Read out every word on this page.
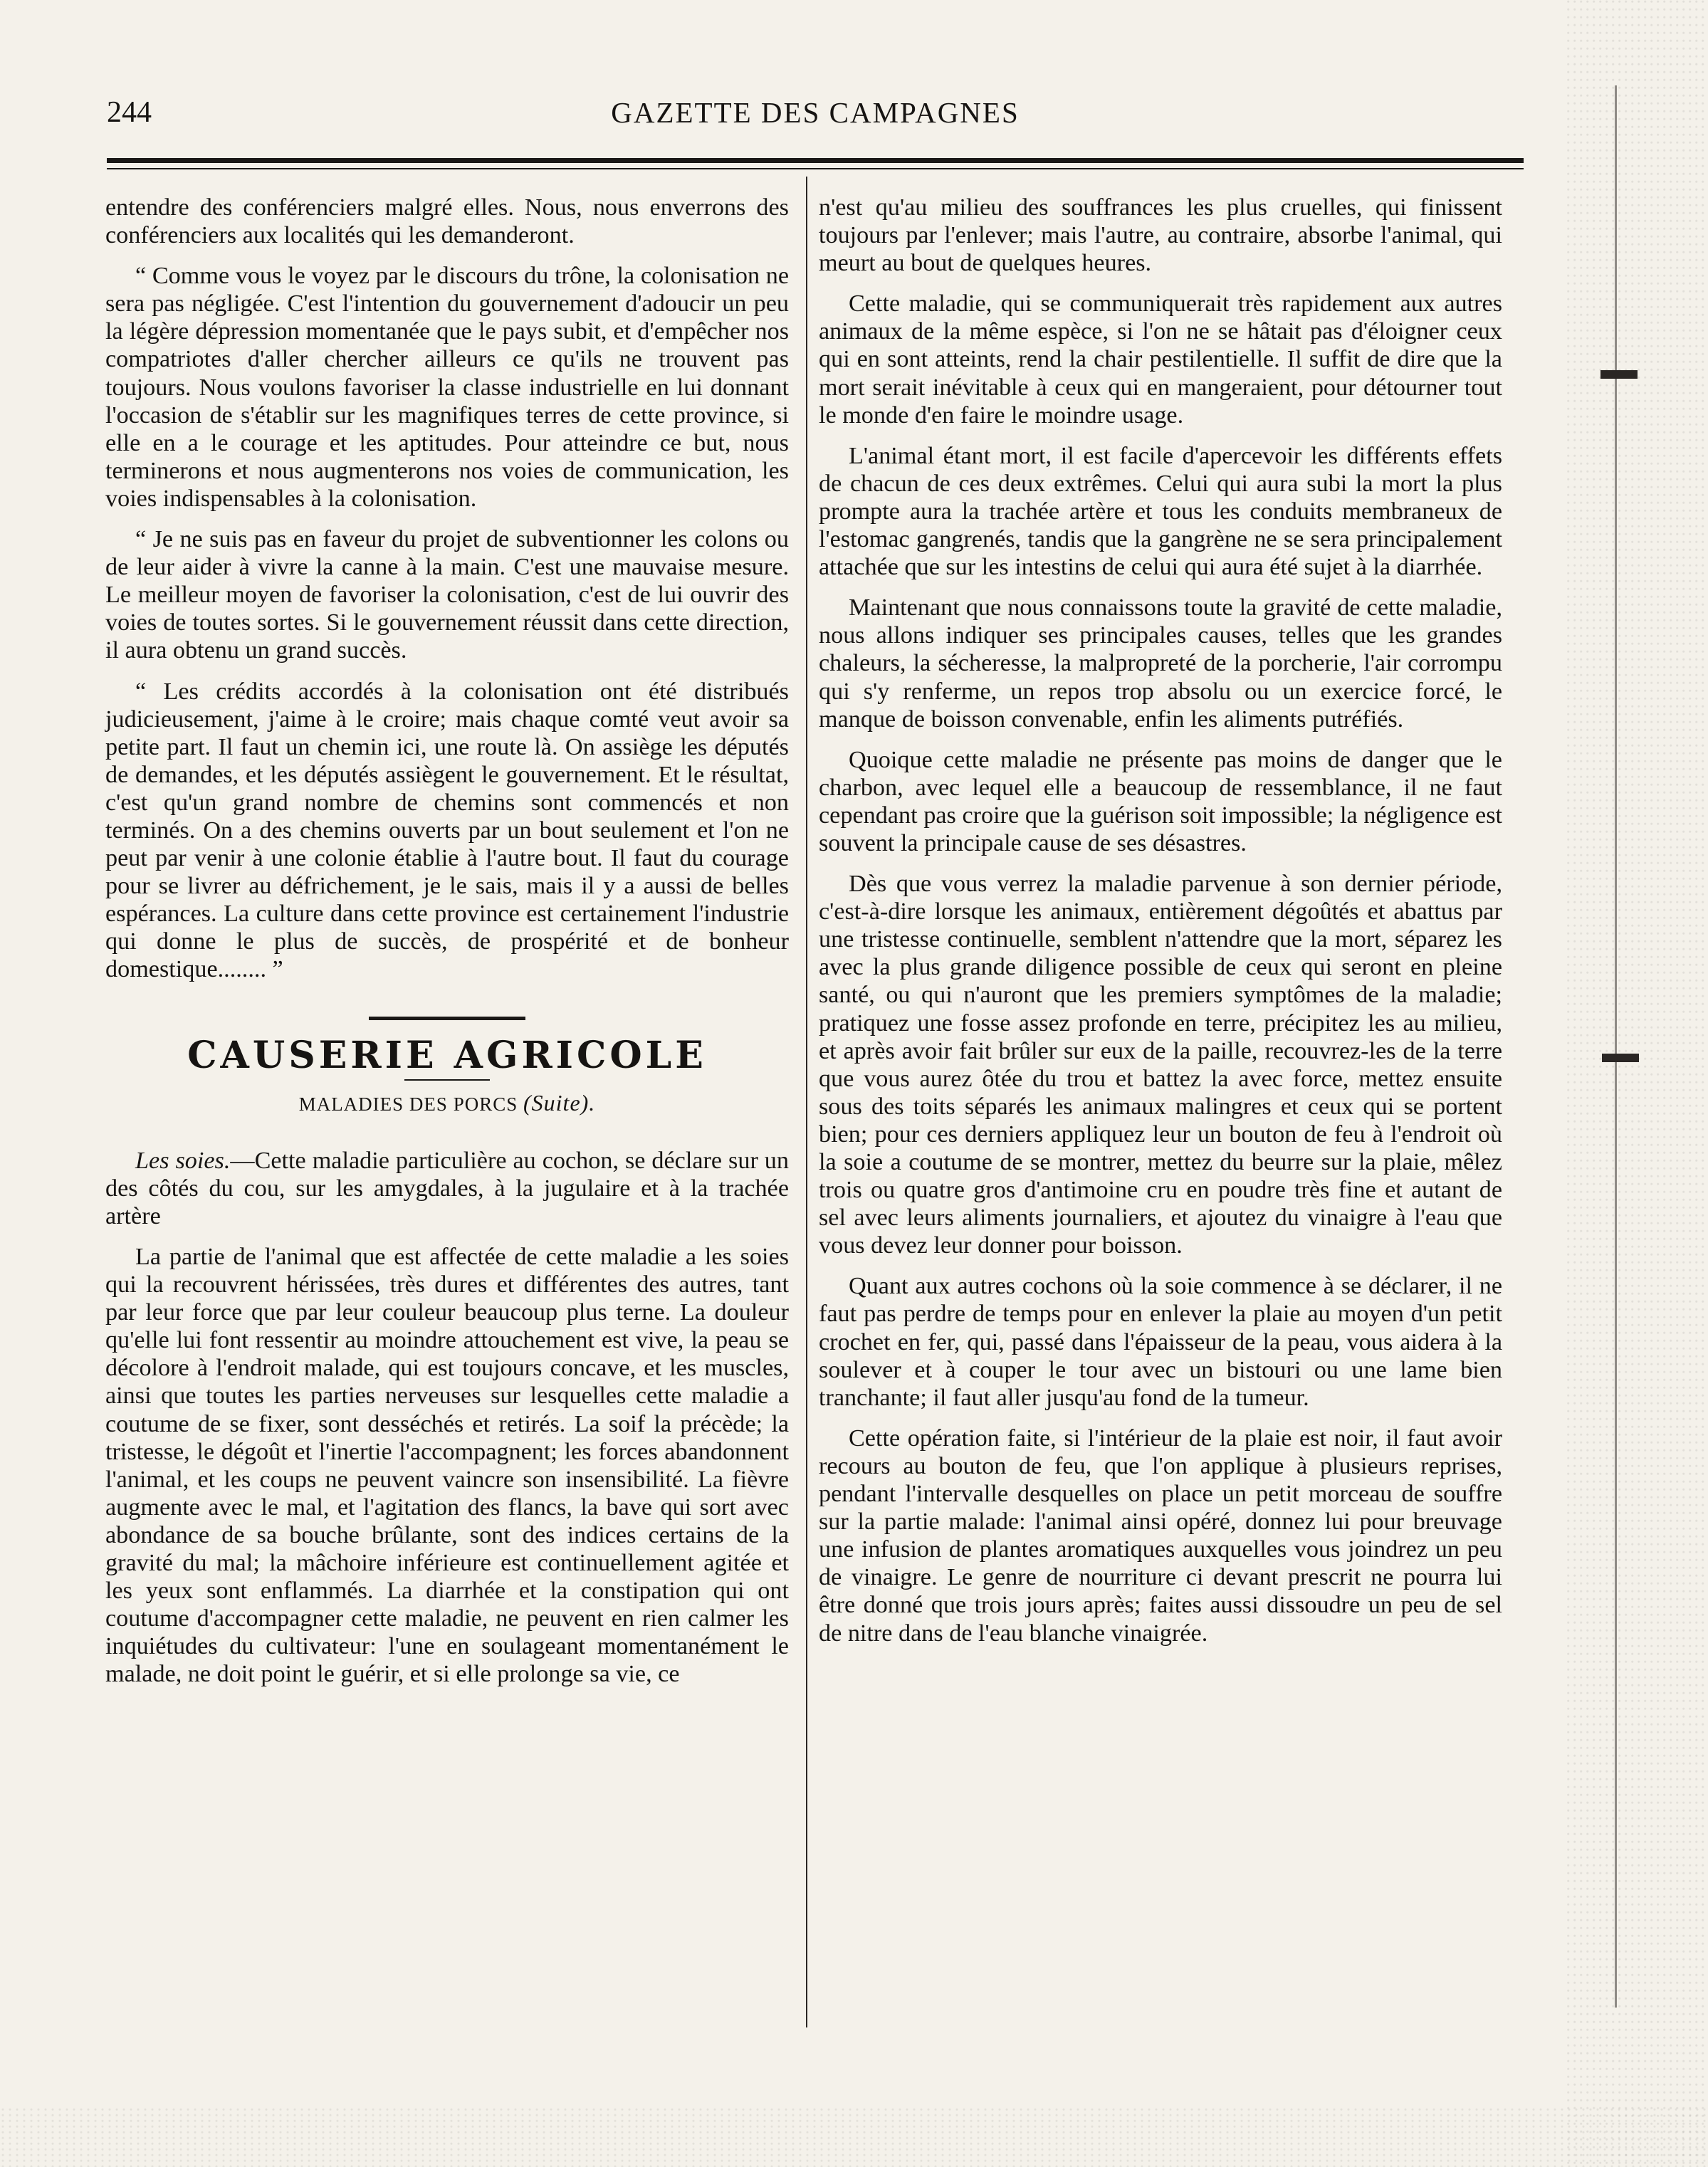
244	GAZETTE DES CAMPAGNES

entendre des conférenciers malgré elles. Nous, nous enverrons des conférenciers aux localités qui les demanderont.

“ Comme vous le voyez par le discours du trône, la colonisation ne sera pas négligée. C'est l'intention du gouvernement d'adoucir un peu la légère dépression momentanée que le pays subit, et d'empêcher nos compatriotes d'aller chercher ailleurs ce qu'ils ne trouvent pas toujours. Nous voulons favoriser la classe industrielle en lui donnant l'occasion de s'établir sur les magnifiques terres de cette province, si elle en a le courage et les aptitudes. Pour atteindre ce but, nous terminerons et nous augmenterons nos voies de communication, les voies indispensables à la colonisation.

“ Je ne suis pas en faveur du projet de subventionner les colons ou de leur aider à vivre la canne à la main. C'est une mauvaise mesure. Le meilleur moyen de favoriser la colonisation, c'est de lui ouvrir des voies de toutes sortes. Si le gouvernement réussit dans cette direction, il aura obtenu un grand succès.

“ Les crédits accordés à la colonisation ont été distribués judicieusement, j'aime à le croire; mais chaque comté veut avoir sa petite part. Il faut un chemin ici, une route là. On assiège les députés de demandes, et les députés assiègent le gouvernement. Et le résultat, c'est qu'un grand nombre de chemins sont commencés et non terminés. On a des chemins ouverts par un bout seulement et l'on ne peut par venir à une colonie établie à l'autre bout. Il faut du courage pour se livrer au défrichement, je le sais, mais il y a aussi de belles espérances. La culture dans cette province est certainement l'industrie qui donne le plus de succès, de prospérité et de bonheur domestique........ ”

CAUSERIE AGRICOLE
MALADIES DES PORCS (Suite).

Les soies.—Cette maladie particulière au cochon, se déclare sur un des côtés du cou, sur les amygdales, à la jugulaire et à la trachée artère

La partie de l'animal que est affectée de cette maladie a les soies qui la recouvrent hérissées, très dures et différentes des autres, tant par leur force que par leur couleur beaucoup plus terne. La douleur qu'elle lui font ressentir au moindre attouchement est vive, la peau se décolore à l'endroit malade, qui est toujours concave, et les muscles, ainsi que toutes les parties nerveuses sur lesquelles cette maladie a coutume de se fixer, sont desséchés et retirés. La soif la précède; la tristesse, le dégoût et l'inertie l'accompagnent; les forces abandonnent l'animal, et les coups ne peuvent vaincre son insensibilité. La fièvre augmente avec le mal, et l'agitation des flancs, la bave qui sort avec abondance de sa bouche brûlante, sont des indices certains de la gravité du mal; la mâchoire inférieure est continuellement agitée et les yeux sont enflammés. La diarrhée et la constipation qui ont coutume d'accompagner cette maladie, ne peuvent en rien calmer les inquiétudes du cultivateur: l'une en soulageant momentanément le malade, ne doit point le guérir, et si elle prolonge sa vie, ce

n'est qu'au milieu des souffrances les plus cruelles, qui finissent toujours par l'enlever; mais l'autre, au contraire, absorbe l'animal, qui meurt au bout de quelques heures.

Cette maladie, qui se communiquerait très rapidement aux autres animaux de la même espèce, si l'on ne se hâtait pas d'éloigner ceux qui en sont atteints, rend la chair pestilentielle. Il suffit de dire que la mort serait inévitable à ceux qui en mangeraient, pour détourner tout le monde d'en faire le moindre usage.

L'animal étant mort, il est facile d'apercevoir les différents effets de chacun de ces deux extrêmes. Celui qui aura subi la mort la plus prompte aura la trachée artère et tous les conduits membraneux de l'estomac gangrenés, tandis que la gangrène ne se sera principalement attachée que sur les intestins de celui qui aura été sujet à la diarrhée.

Maintenant que nous connaissons toute la gravité de cette maladie, nous allons indiquer ses principales causes, telles que les grandes chaleurs, la sécheresse, la malpropreté de la porcherie, l'air corrompu qui s'y renferme, un repos trop absolu ou un exercice forcé, le manque de boisson convenable, enfin les aliments putréfiés.

Quoique cette maladie ne présente pas moins de danger que le charbon, avec lequel elle a beaucoup de ressemblance, il ne faut cependant pas croire que la guérison soit impossible; la négligence est souvent la principale cause de ses désastres.

Dès que vous verrez la maladie parvenue à son dernier période, c'est-à-dire lorsque les animaux, entièrement dégoûtés et abattus par une tristesse continuelle, semblent n'attendre que la mort, séparez les avec la plus grande diligence possible de ceux qui seront en pleine santé, ou qui n'auront que les premiers symptômes de la maladie; pratiquez une fosse assez profonde en terre, précipitez les au milieu, et après avoir fait brûler sur eux de la paille, recouvrez-les de la terre que vous aurez ôtée du trou et battez la avec force, mettez ensuite sous des toits séparés les animaux malingres et ceux qui se portent bien; pour ces derniers appliquez leur un bouton de feu à l'endroit où la soie a coutume de se montrer, mettez du beurre sur la plaie, mêlez trois ou quatre gros d'antimoine cru en poudre très fine et autant de sel avec leurs aliments journaliers, et ajoutez du vinaigre à l'eau que vous devez leur donner pour boisson.

Quant aux autres cochons où la soie commence à se déclarer, il ne faut pas perdre de temps pour en enlever la plaie au moyen d'un petit crochet en fer, qui, passé dans l'épaisseur de la peau, vous aidera à la soulever et à couper le tour avec un bistouri ou une lame bien tranchante; il faut aller jusqu'au fond de la tumeur.

Cette opération faite, si l'intérieur de la plaie est noir, il faut avoir recours au bouton de feu, que l'on applique à plusieurs reprises, pendant l'intervalle desquelles on place un petit morceau de souffre sur la partie malade: l'animal ainsi opéré, donnez lui pour breuvage une infusion de plantes aromatiques auxquelles vous joindrez un peu de vinaigre. Le genre de nourriture ci devant prescrit ne pourra lui être donné que trois jours après; faites aussi dissoudre un peu de sel de nitre dans de l'eau blanche vinaigrée.
